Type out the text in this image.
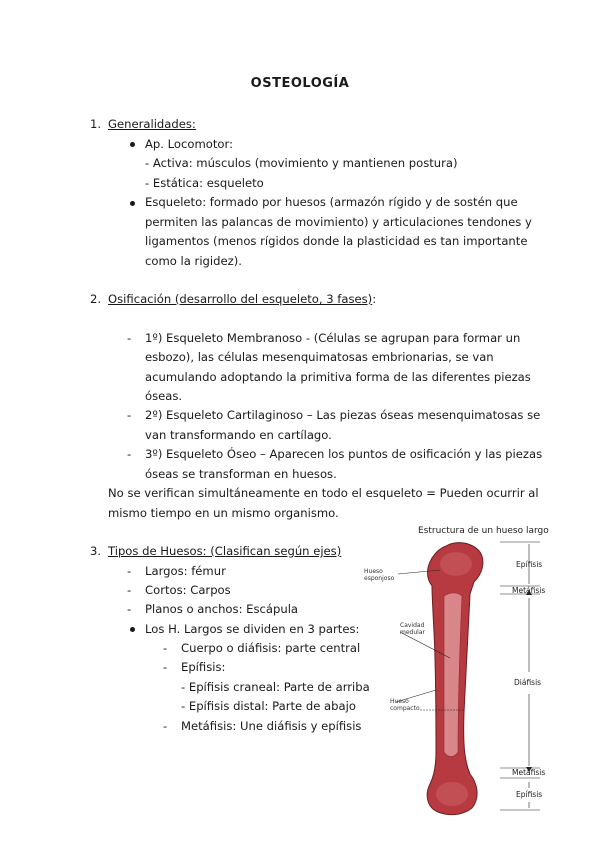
OSTEOLOGÍA
1. Generalidades:
Ap. Locomotor:
- Activa: músculos (movimiento y mantienen postura)
- Estática: esqueleto
Esqueleto: formado por huesos (armazón rígido y de sostén que
permiten las palancas de movimiento) y articulaciones tendones y
ligamentos (menos rígidos donde la plasticidad es tan importante
como la rigidez).
2. Osificación (desarrollo del esqueleto, 3 fases):
- 1º) Esqueleto Membranoso - (Células se agrupan para formar un
esbozo), las células mesenquimatosas embrionarias, se van
acumulando adoptando la primitiva forma de las diferentes piezas
óseas.
- 2º) Esqueleto Cartilaginoso – Las piezas óseas mesenquimatosas se
van transformando en cartílago.
- 3º) Esqueleto Óseo – Aparecen los puntos de osificación y las piezas
óseas se transforman en huesos.
No se verifican simultáneamente en todo el esqueleto = Pueden ocurrir al
mismo tiempo en un mismo organismo.
3. Tipos de Huesos: (Clasifican según ejes)
- Largos: fémur
- Cortos: Carpos
- Planos o anchos: Escápula
Los H. Largos se dividen en 3 partes:
- Cuerpo o diáfisis: parte central
- Epífisis:
- Epífisis craneal: Parte de arriba
- Epífisis distal: Parte de abajo
- Metáfisis: Une diáfisis y epífisis
Estructura de un hueso largo
Hueso
esponjoso
Cavidad
medular
Hueso
compacto
Epífisis
Metáfisis
Diáfisis
Metáfisis
Epífisis
